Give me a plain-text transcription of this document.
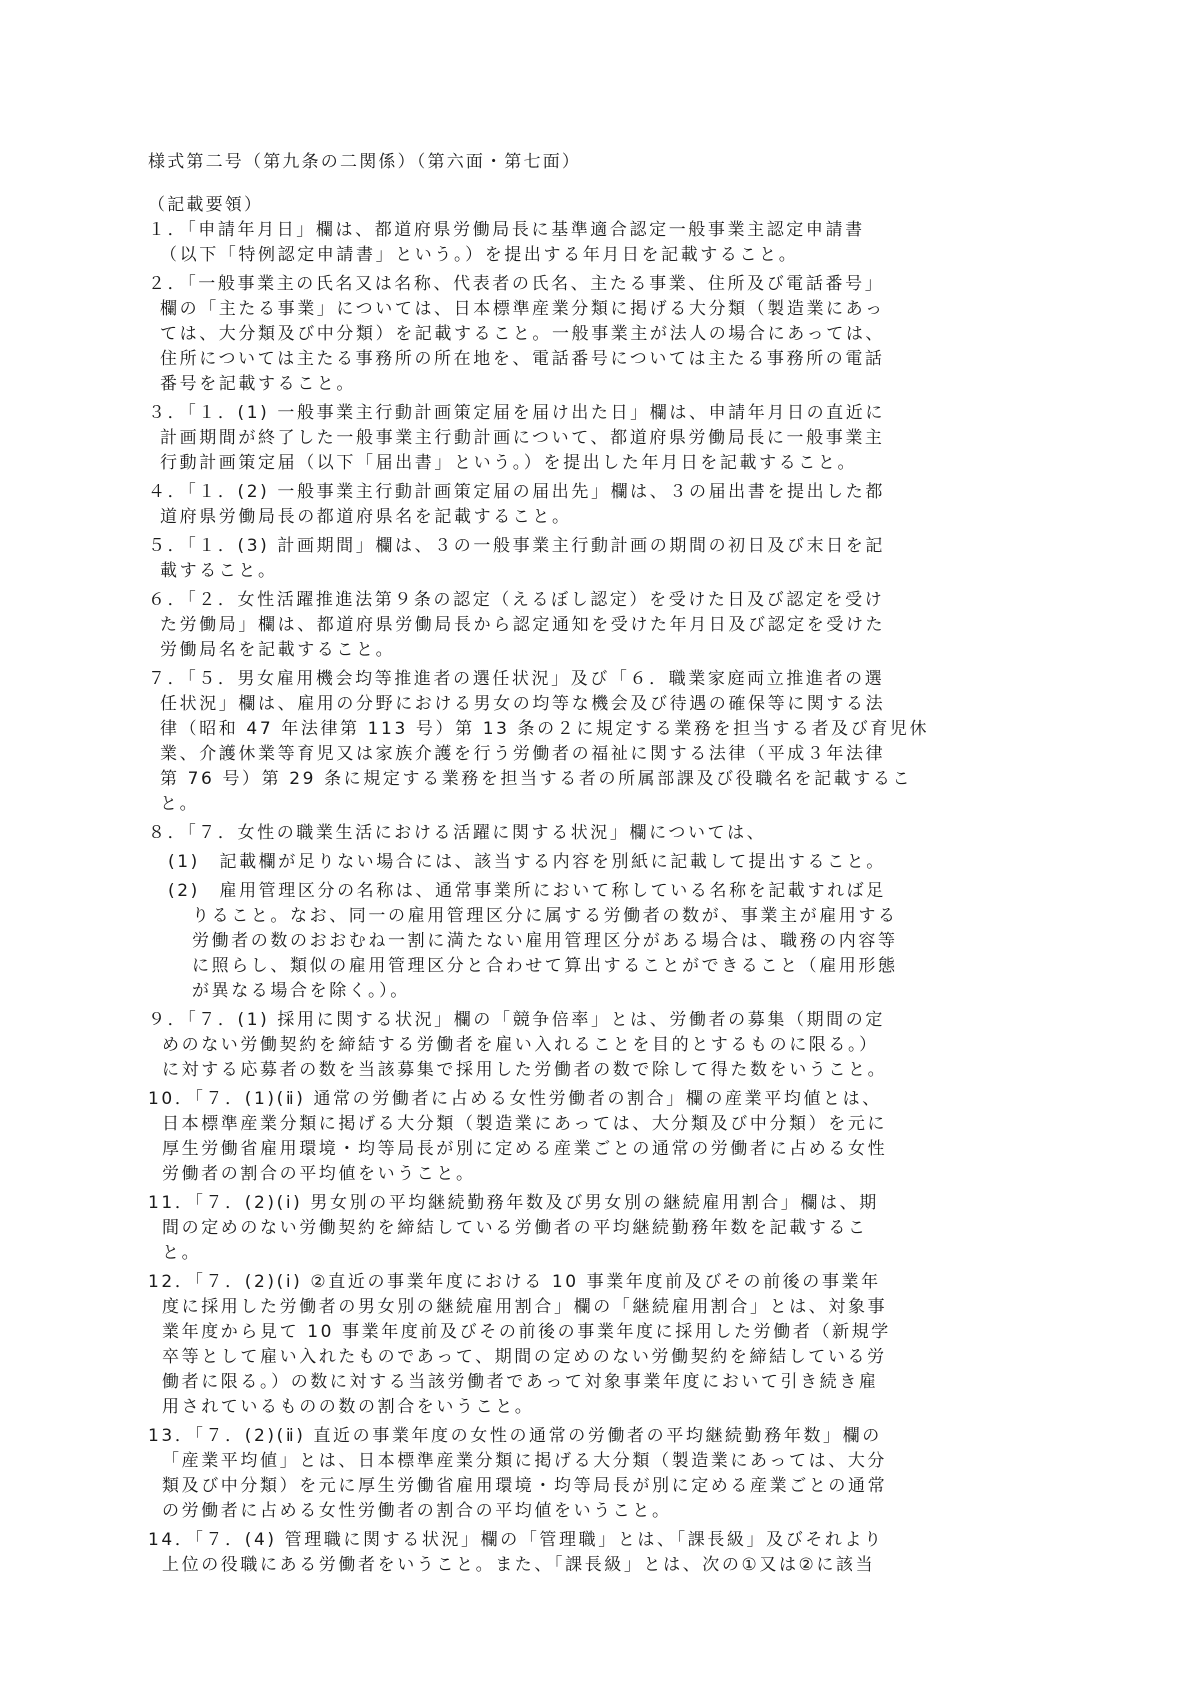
様式第二号（第九条の二関係）（第六面・第七面）
（記載要領）
１．「申請年月日」欄は、都道府県労働局長に基準適合認定一般事業主認定申請書
（以下「特例認定申請書」という。）を提出する年月日を記載すること。
２．「一般事業主の氏名又は名称、代表者の氏名、主たる事業、住所及び電話番号」
欄の「主たる事業」については、日本標準産業分類に掲げる大分類（製造業にあっ
ては、大分類及び中分類）を記載すること。一般事業主が法人の場合にあっては、
住所については主たる事務所の所在地を、電話番号については主たる事務所の電話
番号を記載すること。
３．「１．(1) 一般事業主行動計画策定届を届け出た日」欄は、申請年月日の直近に
計画期間が終了した一般事業主行動計画について、都道府県労働局長に一般事業主
行動計画策定届（以下「届出書」という。）を提出した年月日を記載すること。
４．「１．(2) 一般事業主行動計画策定届の届出先」欄は、３の届出書を提出した都
道府県労働局長の都道府県名を記載すること。
５．「１．(3) 計画期間」欄は、３の一般事業主行動計画の期間の初日及び末日を記
載すること。
６．「２．女性活躍推進法第９条の認定（えるぼし認定）を受けた日及び認定を受け
た労働局」欄は、都道府県労働局長から認定通知を受けた年月日及び認定を受けた
労働局名を記載すること。
７．「５．男女雇用機会均等推進者の選任状況」及び「６．職業家庭両立推進者の選
任状況」欄は、雇用の分野における男女の均等な機会及び待遇の確保等に関する法
律（昭和 47 年法律第 113 号）第 13 条の２に規定する業務を担当する者及び育児休
業、介護休業等育児又は家族介護を行う労働者の福祉に関する法律（平成３年法律
第 76 号）第 29 条に規定する業務を担当する者の所属部課及び役職名を記載するこ
と。
８．「７．女性の職業生活における活躍に関する状況」欄については、
(1)　記載欄が足りない場合には、該当する内容を別紙に記載して提出すること。
(2)　雇用管理区分の名称は、通常事業所において称している名称を記載すれば足
りること。なお、同一の雇用管理区分に属する労働者の数が、事業主が雇用する
労働者の数のおおむね一割に満たない雇用管理区分がある場合は、職務の内容等
に照らし、類似の雇用管理区分と合わせて算出することができること（雇用形態
が異なる場合を除く。）。
９．「７．(1) 採用に関する状況」欄の「競争倍率」とは、労働者の募集（期間の定
めのない労働契約を締結する労働者を雇い入れることを目的とするものに限る。）
に対する応募者の数を当該募集で採用した労働者の数で除して得た数をいうこと。
10．「７．(1)(ⅱ) 通常の労働者に占める女性労働者の割合」欄の産業平均値とは、
日本標準産業分類に掲げる大分類（製造業にあっては、大分類及び中分類）を元に
厚生労働省雇用環境・均等局長が別に定める産業ごとの通常の労働者に占める女性
労働者の割合の平均値をいうこと。
11．「７．(2)(ⅰ) 男女別の平均継続勤務年数及び男女別の継続雇用割合」欄は、期
間の定めのない労働契約を締結している労働者の平均継続勤務年数を記載するこ
と。
12．「７．(2)(ⅰ) ②直近の事業年度における 10 事業年度前及びその前後の事業年
度に採用した労働者の男女別の継続雇用割合」欄の「継続雇用割合」とは、対象事
業年度から見て 10 事業年度前及びその前後の事業年度に採用した労働者（新規学
卒等として雇い入れたものであって、期間の定めのない労働契約を締結している労
働者に限る。）の数に対する当該労働者であって対象事業年度において引き続き雇
用されているものの数の割合をいうこと。
13．「７．(2)(ⅱ) 直近の事業年度の女性の通常の労働者の平均継続勤務年数」欄の
「産業平均値」とは、日本標準産業分類に掲げる大分類（製造業にあっては、大分
類及び中分類）を元に厚生労働省雇用環境・均等局長が別に定める産業ごとの通常
の労働者に占める女性労働者の割合の平均値をいうこと。
14．「７．(4) 管理職に関する状況」欄の「管理職」とは、「課長級」及びそれより
上位の役職にある労働者をいうこと。また、「課長級」とは、次の①又は②に該当
